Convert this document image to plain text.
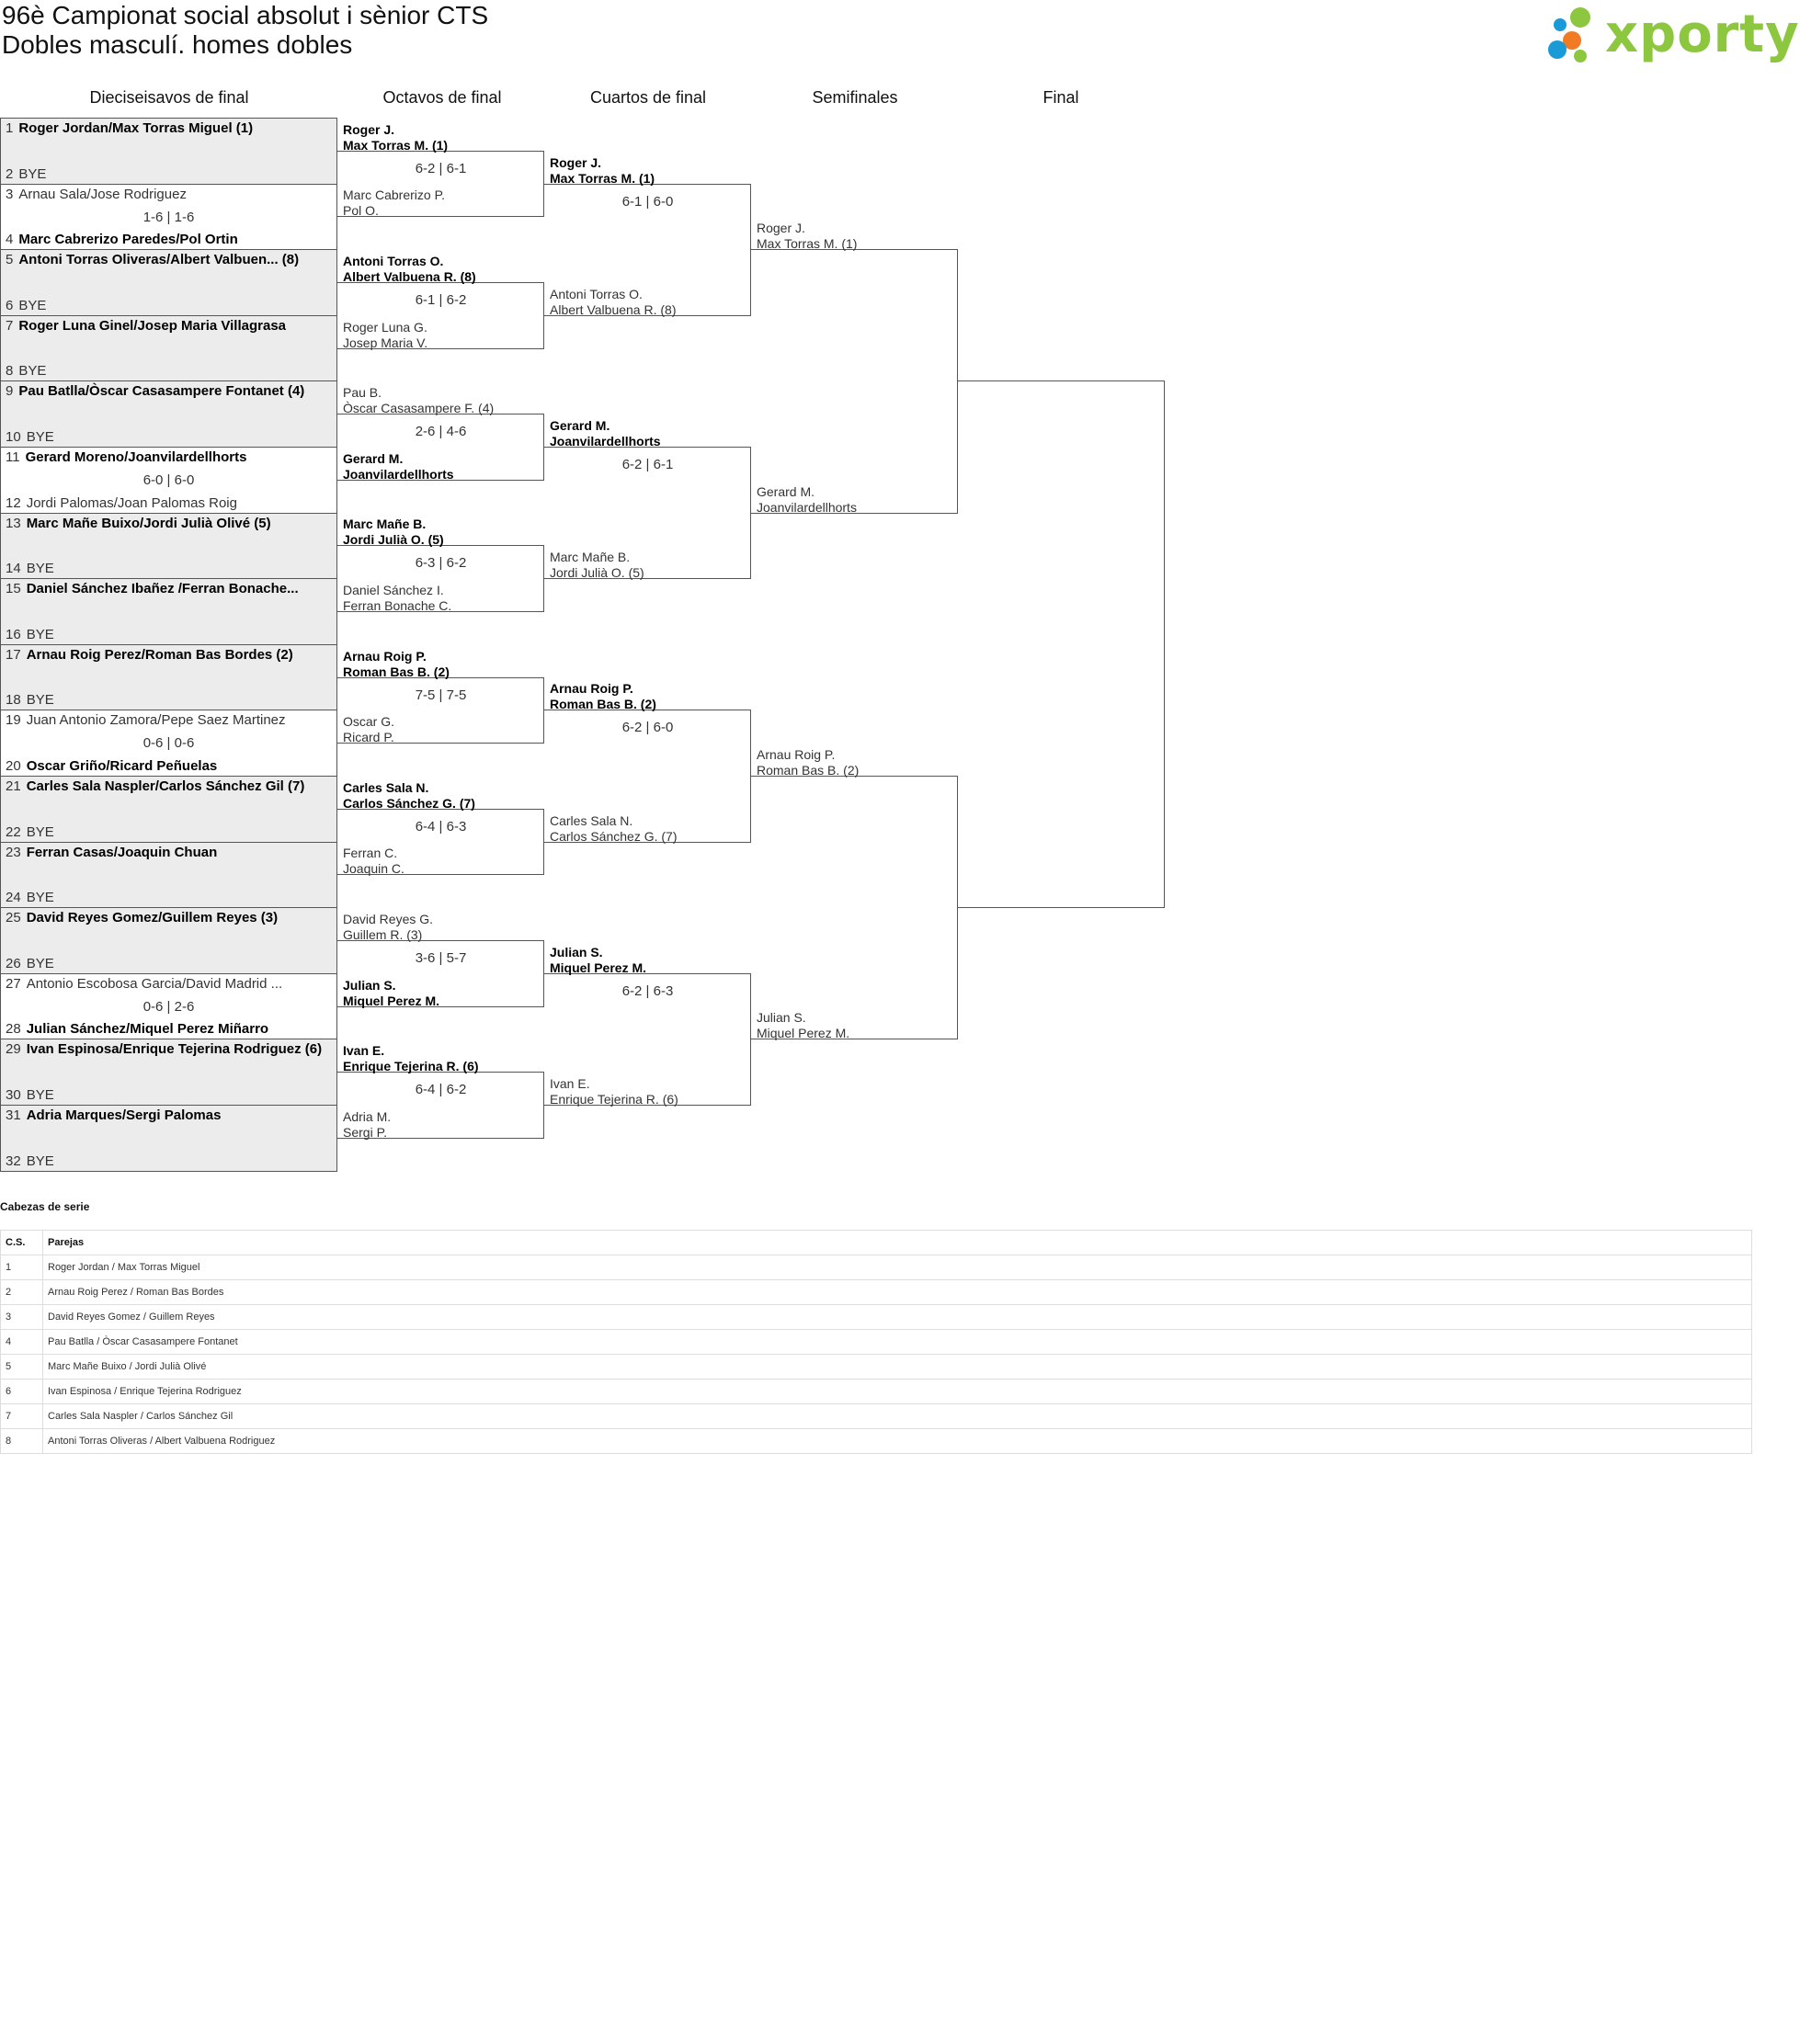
96è Campionat social absolut i sènior CTS
Dobles masculí. homes dobles	xporty
Dieciseisavos de final	Octavos de final	Cuartos de final	Semifinales	Final
1 Roger Jordan/Max Torras Miguel (1)
2 BYE
3 Arnau Sala/Jose Rodriguez
4 Marc Cabrerizo Paredes/Pol Ortin
1-6 | 1-6
5 Antoni Torras Oliveras/Albert Valbuen... (8)
6 BYE
7 Roger Luna Ginel/Josep Maria Villagrasa
8 BYE
9 Pau Batlla/Òscar Casasampere Fontanet (4)
10 BYE
11 Gerard Moreno/Joanvilardellhorts
12 Jordi Palomas/Joan Palomas Roig
6-0 | 6-0
13 Marc Mañe Buixo/Jordi Julià Olivé (5)
14 BYE
15 Daniel Sánchez Ibañez /Ferran Bonache...
16 BYE
17 Arnau Roig Perez/Roman Bas Bordes (2)
18 BYE
19 Juan Antonio Zamora/Pepe Saez Martinez
20 Oscar Griño/Ricard Peñuelas
0-6 | 0-6
21 Carles Sala Naspler/Carlos Sánchez Gil (7)
22 BYE
23 Ferran Casas/Joaquin Chuan
24 BYE
25 David Reyes Gomez/Guillem Reyes (3)
26 BYE
27 Antonio Escobosa Garcia/David Madrid ...
28 Julian Sánchez/Miquel Perez Miñarro
0-6 | 2-6
29 Ivan Espinosa/Enrique Tejerina Rodriguez (6)
30 BYE
31 Adria Marques/Sergi Palomas
32 BYE
Roger J.
Max Torras M. (1)
Marc Cabrerizo P.
Pol O.
6-2 | 6-1
Antoni Torras O.
Albert Valbuena R. (8)
Roger Luna G.
Josep Maria V.
6-1 | 6-2
Pau B.
Òscar Casasampere F. (4)
Gerard M.
Joanvilardellhorts
2-6 | 4-6
Marc Mañe B.
Jordi Julià O. (5)
Daniel Sánchez I.
Ferran Bonache C.
6-3 | 6-2
Arnau Roig P.
Roman Bas B. (2)
Oscar G.
Ricard P.
7-5 | 7-5
Carles Sala N.
Carlos Sánchez G. (7)
Ferran C.
Joaquin C.
6-4 | 6-3
David Reyes G.
Guillem R. (3)
Julian S.
Miquel Perez M.
3-6 | 5-7
Ivan E.
Enrique Tejerina R. (6)
Adria M.
Sergi P.
6-4 | 6-2
Roger J.
Max Torras M. (1)
Antoni Torras O.
Albert Valbuena R. (8)
6-1 | 6-0
Gerard M.
Joanvilardellhorts
Marc Mañe B.
Jordi Julià O. (5)
6-2 | 6-1
Arnau Roig P.
Roman Bas B. (2)
Carles Sala N.
Carlos Sánchez G. (7)
6-2 | 6-0
Julian S.
Miquel Perez M.
Ivan E.
Enrique Tejerina R. (6)
6-2 | 6-3
Roger J.
Max Torras M. (1)
Gerard M.
Joanvilardellhorts
Arnau Roig P.
Roman Bas B. (2)
Julian S.
Miquel Perez M.
Cabezas de serie
C.S.	Parejas
1	Roger Jordan / Max Torras Miguel
2	Arnau Roig Perez / Roman Bas Bordes
3	David Reyes Gomez / Guillem Reyes
4	Pau Batlla / Òscar Casasampere Fontanet
5	Marc Mañe Buixo / Jordi Julià Olivé
6	Ivan Espinosa / Enrique Tejerina Rodriguez
7	Carles Sala Naspler / Carlos Sánchez Gil
8	Antoni Torras Oliveras / Albert Valbuena Rodriguez
